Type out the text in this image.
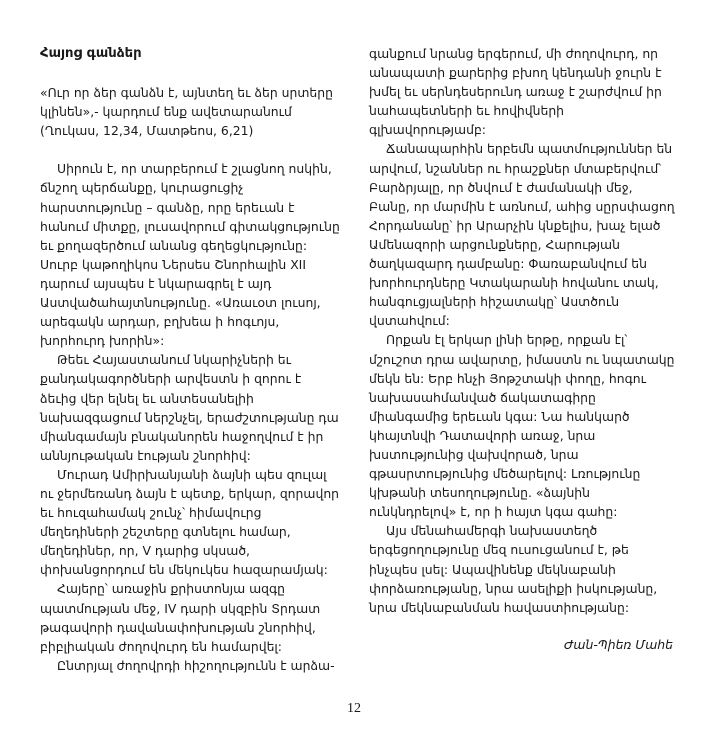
Հայոց գանձեր

«Ուր որ ձեր գանձն է, այնտեղ եւ ձեր սրտերը կլինեն»,- կարդում ենք ավետարանում

(Ղուկաս, 12,34, Մատթեոս, 6,21)

Սիրուն է, որ տարբերում է շլացնող ոսկին, ճնշող պերճանքը, կուրացուցիչ հարստությունը – գանձը, որը երեւան է հանում միտքը, լուսավորում գիտակցությունը եւ քողազերծում անանց գեղեցկությունը: Սուրբ կաթողիկոս Ներսես Շնորհալին XII դարում այսպես է նկարագրել է այդ Աստվածահայտնությունը. «Առաւօտ լուսոյ, արեգակն արդար, բղխեա ի հոգւոյս, խորհուրդ խորին»:

Թեեւ Հայաստանում նկարիչների եւ քանդակագործների արվեստն ի զորու է ձեւից վեր ելնել եւ անտեսանելիի նախազգացում ներշնչել, երաժշտությանը դա միանգամայն բնականորեն հաջողվում է իր աննյութական էության շնորհիվ:

Մուրադ Ամիրխանյանի ձայնի պես զուլալ ու ջերմեռանդ ձայն է պետք, երկար, զորավոր եւ հուզահամակ շունչ՝ հիմավուրց մեղեդիների շեշտերը գտնելու համար, մեղեդիներ, որ, V դարից սկսած, փոխանցորդում են մեկուկես հազարամյակ:

Հայերը՝ առաջին քրիստոնյա ազգը պատմության մեջ, IV դարի սկզբին Տրդատ թագավորի դավանափոխության շնորհիվ, բիբլիական ժողովուրդ են համարվել:

Ընտրյալ ժողովրդի հիշողությունն է արձա-

գանքում նրանց երգերում, մի ժողովուրդ, որ անապատի քարերից բխող կենդանի ջուրն է խմել եւ սերնդեսերունդ առաջ է շարժվում իր նահապետների եւ հովիվների գլխավորությամբ:

Ճանապարհին երբեմն պատմություններ են արվում, նշաններ ու հրաշքներ մտաբերվում՝ Բարձրյալը, որ ծնվում է ժամանակի մեջ, Բանը, որ մարմին է առնում, ահից սըրսփացող Հորդանանը՝ իր Արարչին կնքելիս, խաչ ելած Ամենազորի արցունքները, Հարության ծաղկազարդ դամբանը: Փառաբանվում են խորհուրդները Կտակարանի հովանու տակ, հանգուցյալների հիշատակը՝ Աստծուն վստահվում:

Որքան էլ երկար լինի երթը, որքան էլ՝ մշուշոտ դրա ավարտը, իմաստն ու նպատակը մեկն են: Երբ հնչի Յոթշտակի փողը, հոգու նախասահմանված ճակատագիրը միանգամից երեւան կգա: Նա հանկարծ կհայտնվի Դատավորի առաջ, նրա խստությունից վախվորած, նրա գթասրտությունից մեծարելով: Լռությունը կխթանի տեսողությունը. «ձայնին ունկնդրելով» է, որ ի հայտ կգա գահը:

Այս մենահամերգի նախաստեղծ երգեցողությունը մեզ ուսուցանում է, թե ինչպես լսել: Ապավինենք մեկնաբանի փորձառությանը, նրա ասելիքի իսկությանը, նրա մեկնաբանման հավաստիությանը:

Ժան-Պիեռ Մահե

12
